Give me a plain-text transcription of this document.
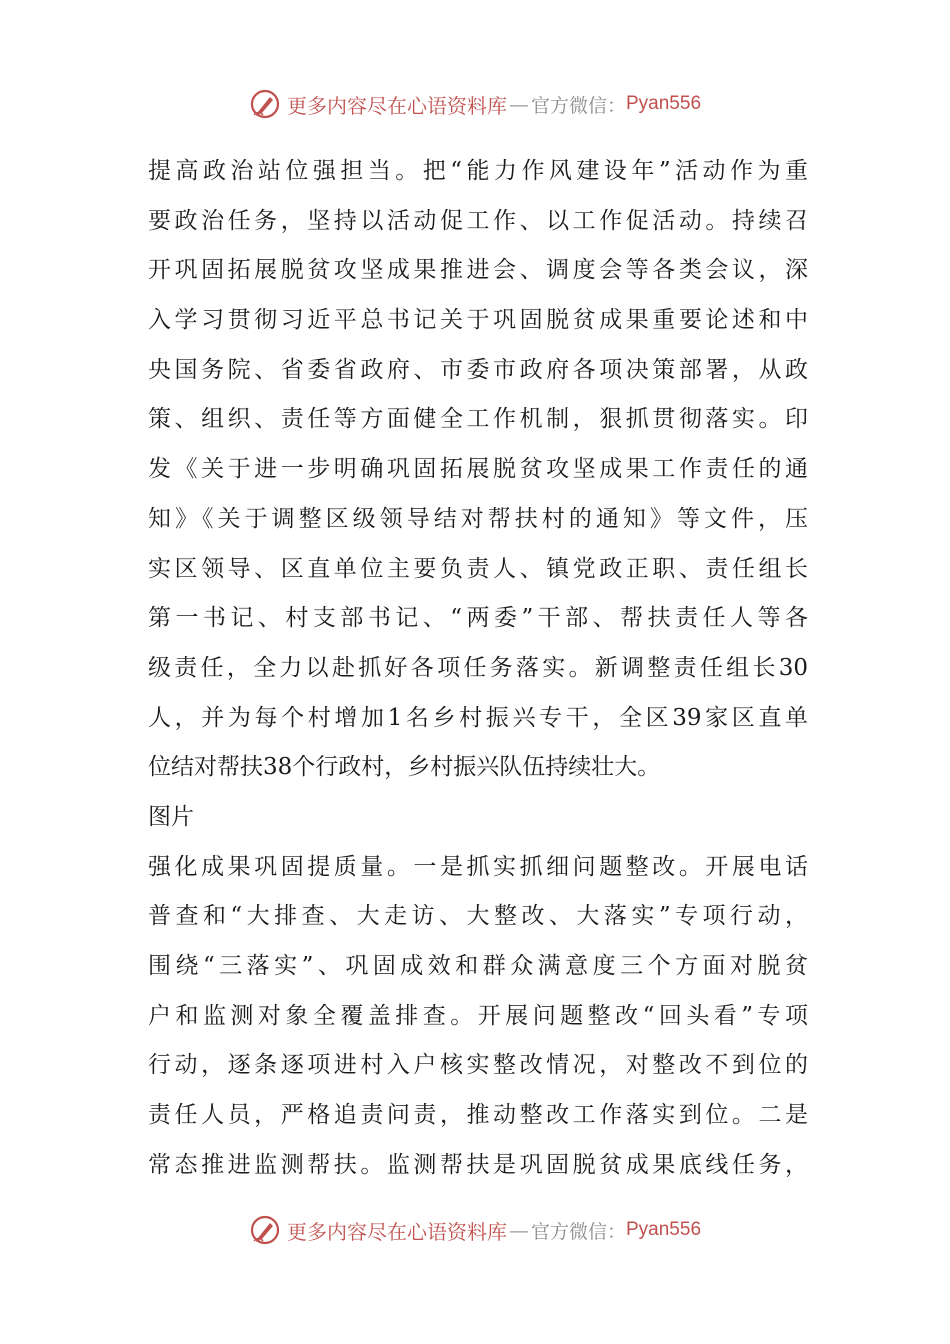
更多内容尽在心语资料库 — 官方微信： Pyan556
提高政治站位强担当。把“能力作风建设年”活动作为重
要政治任务，坚持以活动促工作、以工作促活动。持续召
开巩固拓展脱贫攻坚成果推进会、调度会等各类会议，深
入学习贯彻习近平总书记关于巩固脱贫成果重要论述和中
央国务院、省委省政府、市委市政府各项决策部署，从政
策、组织、责任等方面健全工作机制，狠抓贯彻落实。印
发《关于进一步明确巩固拓展脱贫攻坚成果工作责任的通
知》《关于调整区级领导结对帮扶村的通知》等文件，压
实区领导、区直单位主要负责人、镇党政正职、责任组长
第一书记、村支部书记、“两委”干部、帮扶责任人等各
级责任，全力以赴抓好各项任务落实。新调整责任组长30
人，并为每个村增加1名乡村振兴专干，全区39家区直单
位结对帮扶38个行政村，乡村振兴队伍持续壮大。
图片
强化成果巩固提质量。一是抓实抓细问题整改。开展电话
普查和“大排查、大走访、大整改、大落实”专项行动，
围绕“三落实”、巩固成效和群众满意度三个方面对脱贫
户和监测对象全覆盖排查。开展问题整改“回头看”专项
行动，逐条逐项进村入户核实整改情况，对整改不到位的
责任人员，严格追责问责，推动整改工作落实到位。二是
常态推进监测帮扶。监测帮扶是巩固脱贫成果底线任务，
更多内容尽在心语资料库 — 官方微信： Pyan556
